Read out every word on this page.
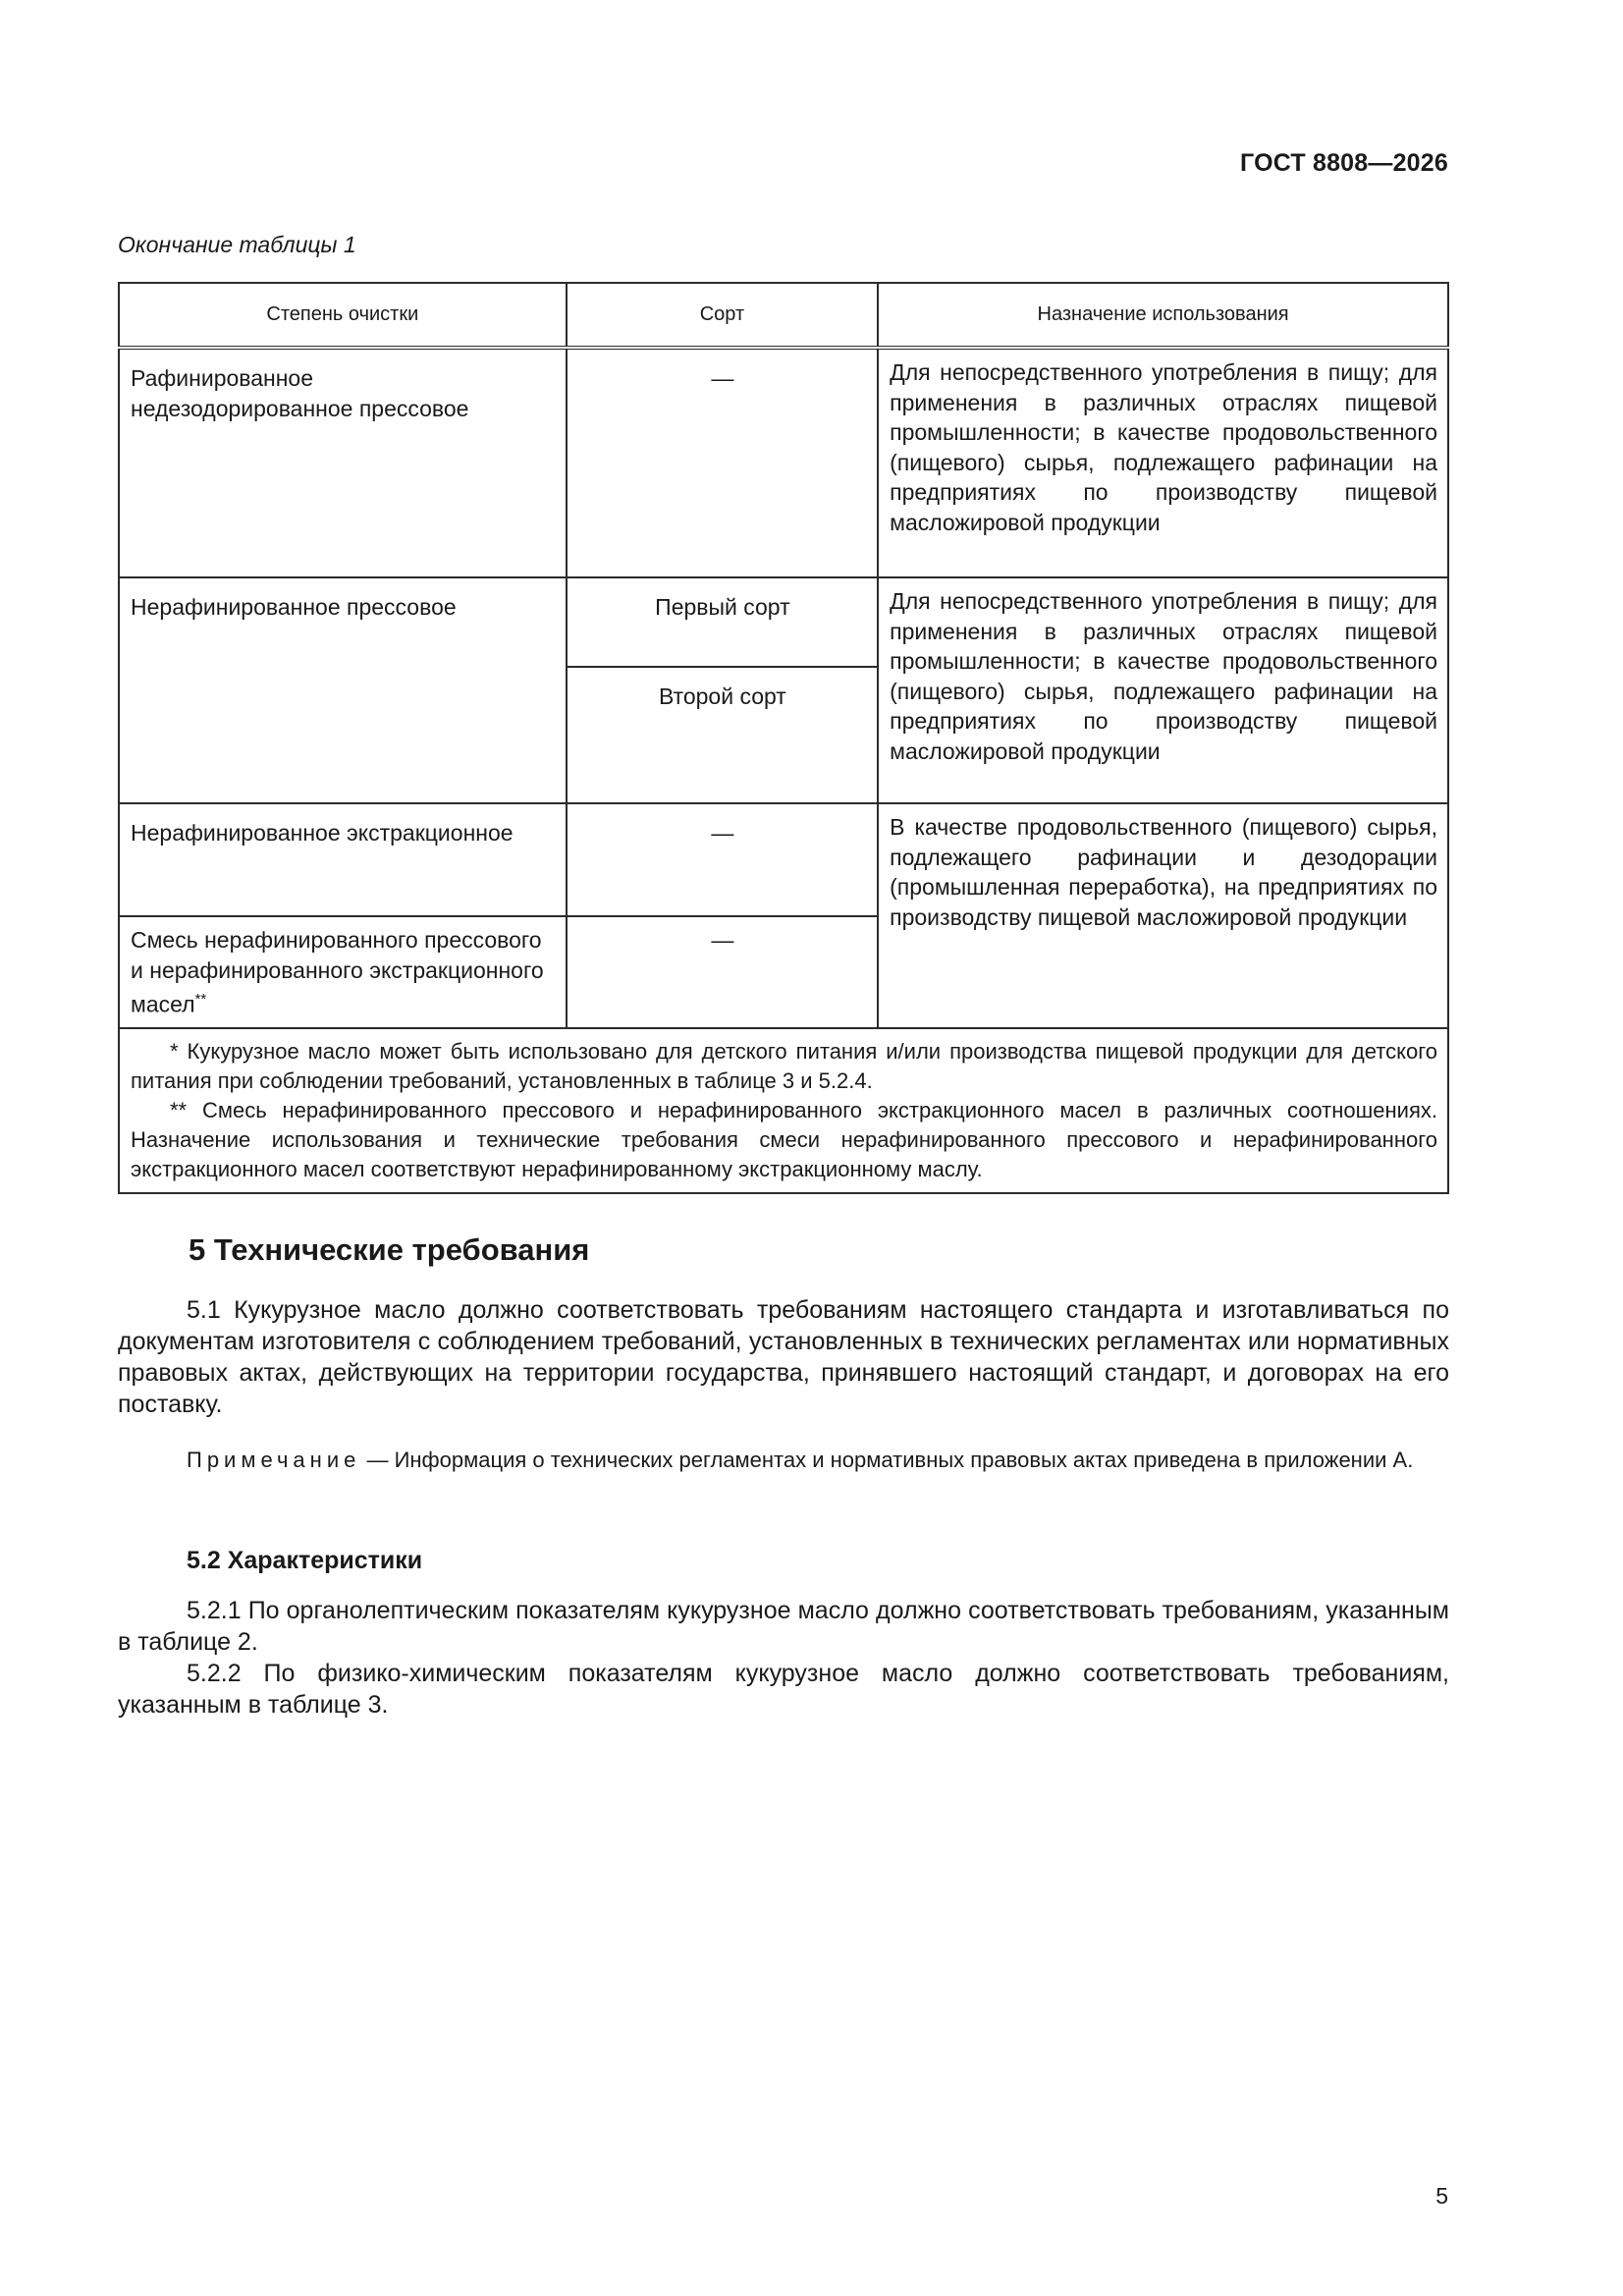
ГОСТ 8808—2026
Окончание таблицы 1
Степень очистки	Сорт	Назначение использования

Рафинированное недезодорированное прессовое	—	Для непосредственного употребления в пищу; для применения в различных отраслях пищевой промышленности; в качестве продовольственного (пищевого) сырья, подлежащего рафинации на предприятиях по производству пищевой масложировой продукции

Нерафинированное прессовое	Первый сорт	Для непосредственного употребления в пищу; для применения в различных отраслях пищевой промышленности; в качестве продовольственного (пищевого) сырья, подлежащего рафинации на предприятиях по производству пищевой масложировой продукции

	Второй сорт	

Нерафинированное экстракционное	—	В качестве продовольственного (пищевого) сырья, подлежащего рафинации и дезодорации (промышленная переработка), на предприятиях по производству пищевой масложировой продукции

Смесь нерафинированного прессового и нерафинированного экстракционного масел**	—	

* Кукурузное масло может быть использовано для детского питания и/или производства пищевой продукции для детского питания при соблюдении требований, установленных в таблице 3 и 5.2.4.

** Смесь нерафинированного прессового и нерафинированного экстракционного масел в различных соотношениях. Назначение использования и технические требования смеси нерафинированного прессового и нерафинированного экстракционного масел соответствуют нерафинированному экстракционному маслу.		

5 Технические требования

5.1 Кукурузное масло должно соответствовать требованиям настоящего стандарта и изготавливаться по документам изготовителя с соблюдением требований, установленных в технических регламентах или нормативных правовых актах, действующих на территории государства, принявшего настоящий стандарт, и договорах на его поставку.

Примечание — Информация о технических регламентах и нормативных правовых актах приведена в приложении А.

5.2 Характеристики

5.2.1 По органолептическим показателям кукурузное масло должно соответствовать требованиям, указанным в таблице 2.

5.2.2 По физико-химическим показателям кукурузное масло должно соответствовать требованиям, указанным в таблице 3.

5
